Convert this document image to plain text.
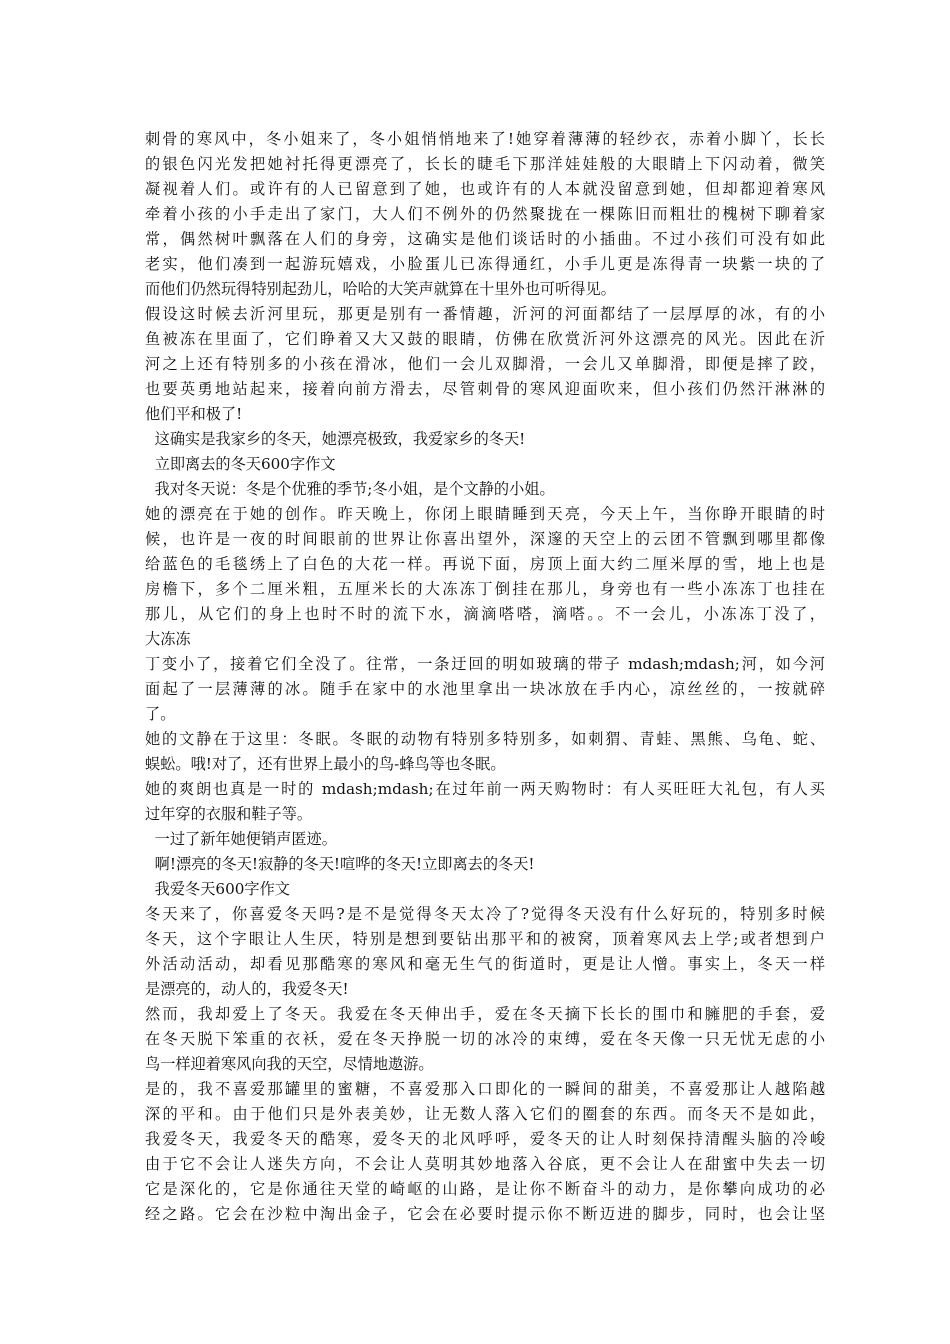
刺骨的寒风中，冬小姐来了，冬小姐悄悄地来了!她穿着薄薄的轻纱衣，赤着小脚丫，长长
的银色闪光发把她衬托得更漂亮了，长长的睫毛下那洋娃娃般的大眼睛上下闪动着，微笑
凝视着人们。或许有的人已留意到了她，也或许有的人本就没留意到她，但却都迎着寒风
牵着小孩的小手走出了家门，大人们不例外的仍然聚拢在一棵陈旧而粗壮的槐树下聊着家
常，偶然树叶飘落在人们的身旁，这确实是他们谈话时的小插曲。不过小孩们可没有如此
老实，他们凑到一起游玩嬉戏，小脸蛋儿已冻得通红，小手儿更是冻得青一块紫一块的了
而他们仍然玩得特别起劲儿，哈哈的大笑声就算在十里外也可听得见。
假设这时候去沂河里玩，那更是别有一番情趣，沂河的河面都结了一层厚厚的冰，有的小
鱼被冻在里面了，它们睁着又大又鼓的眼睛，仿佛在欣赏沂河外这漂亮的风光。因此在沂
河之上还有特别多的小孩在滑冰，他们一会儿双脚滑，一会儿又单脚滑，即便是摔了跤，
也要英勇地站起来，接着向前方滑去，尽管刺骨的寒风迎面吹来，但小孩们仍然汗淋淋的
他们平和极了!
这确实是我家乡的冬天，她漂亮极致，我爱家乡的冬天!
立即离去的冬天600字作文
我对冬天说：冬是个优雅的季节;冬小姐，是个文静的小姐。
她的漂亮在于她的创作。昨天晚上，你闭上眼睛睡到天亮，今天上午，当你睁开眼睛的时
候，也许是一夜的时间眼前的世界让你喜出望外，深邃的天空上的云团不管飘到哪里都像
给蓝色的毛毯绣上了白色的大花一样。再说下面，房顶上面大约二厘米厚的雪，地上也是
房檐下，多个二厘米粗，五厘米长的大冻冻丁倒挂在那儿，身旁也有一些小冻冻丁也挂在
那儿，从它们的身上也时不时的流下水，滴滴嗒嗒，滴嗒。。不一会儿，小冻冻丁没了，
大冻冻
丁变小了，接着它们全没了。往常，一条迂回的明如玻璃的带子 mdash;mdash;河，如今河
面起了一层薄薄的冰。随手在家中的水池里拿出一块冰放在手内心，凉丝丝的，一按就碎
了。
她的文静在于这里：冬眠。冬眠的动物有特别多特别多，如刺猬、青蛙、黑熊、乌龟、蛇、
蜈蚣。哦!对了，还有世界上最小的鸟-蜂鸟等也冬眠。
她的爽朗也真是一时的 mdash;mdash;在过年前一两天购物时：有人买旺旺大礼包，有人买
过年穿的衣服和鞋子等。
一过了新年她便销声匿迹。
啊!漂亮的冬天!寂静的冬天!喧哗的冬天!立即离去的冬天!
我爱冬天600字作文
冬天来了，你喜爱冬天吗?是不是觉得冬天太冷了?觉得冬天没有什么好玩的，特别多时候
冬天，这个字眼让人生厌，特别是想到要钻出那平和的被窝，顶着寒风去上学;或者想到户
外活动活动，却看见那酷寒的寒风和毫无生气的街道时，更是让人憎。事实上，冬天一样
是漂亮的，动人的，我爱冬天!
然而，我却爱上了冬天。我爱在冬天伸出手，爱在冬天摘下长长的围巾和臃肥的手套，爱
在冬天脱下笨重的衣袄，爱在冬天挣脱一切的冰冷的束缚，爱在冬天像一只无忧无虑的小
鸟一样迎着寒风向我的天空，尽情地遨游。
是的，我不喜爱那罐里的蜜糖，不喜爱那入口即化的一瞬间的甜美，不喜爱那让人越陷越
深的平和。由于他们只是外表美妙，让无数人落入它们的圈套的东西。而冬天不是如此，
我爱冬天，我爱冬天的酷寒，爱冬天的北风呼呼，爱冬天的让人时刻保持清醒头脑的冷峻
由于它不会让人迷失方向，不会让人莫明其妙地落入谷底，更不会让人在甜蜜中失去一切
它是深化的，它是你通往天堂的崎岖的山路，是让你不断奋斗的动力，是你攀向成功的必
经之路。它会在沙粒中淘出金子，它会在必要时提示你不断迈进的脚步，同时，也会让坚
